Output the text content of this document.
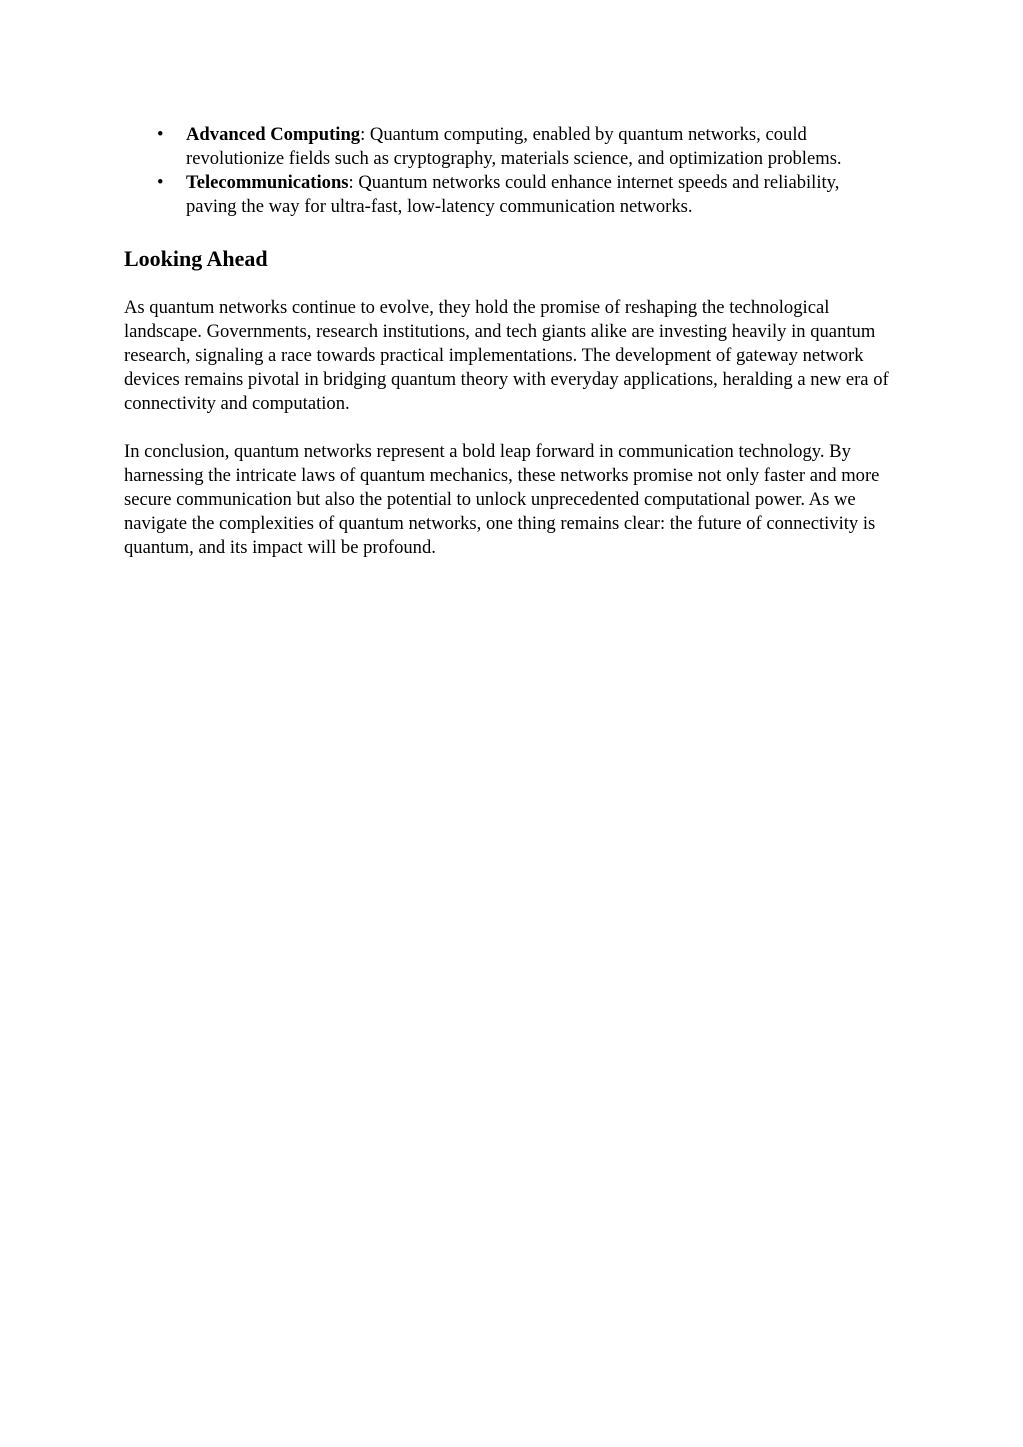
• Advanced Computing: Quantum computing, enabled by quantum networks, could revolutionize fields such as cryptography, materials science, and optimization problems.
• Telecommunications: Quantum networks could enhance internet speeds and reliability, paving the way for ultra-fast, low-latency communication networks.
Looking Ahead

As quantum networks continue to evolve, they hold the promise of reshaping the technological landscape. Governments, research institutions, and tech giants alike are investing heavily in quantum research, signaling a race towards practical implementations. The development of gateway network devices remains pivotal in bridging quantum theory with everyday applications, heralding a new era of connectivity and computation.

In conclusion, quantum networks represent a bold leap forward in communication technology. By harnessing the intricate laws of quantum mechanics, these networks promise not only faster and more secure communication but also the potential to unlock unprecedented computational power. As we navigate the complexities of quantum networks, one thing remains clear: the future of connectivity is quantum, and its impact will be profound.
